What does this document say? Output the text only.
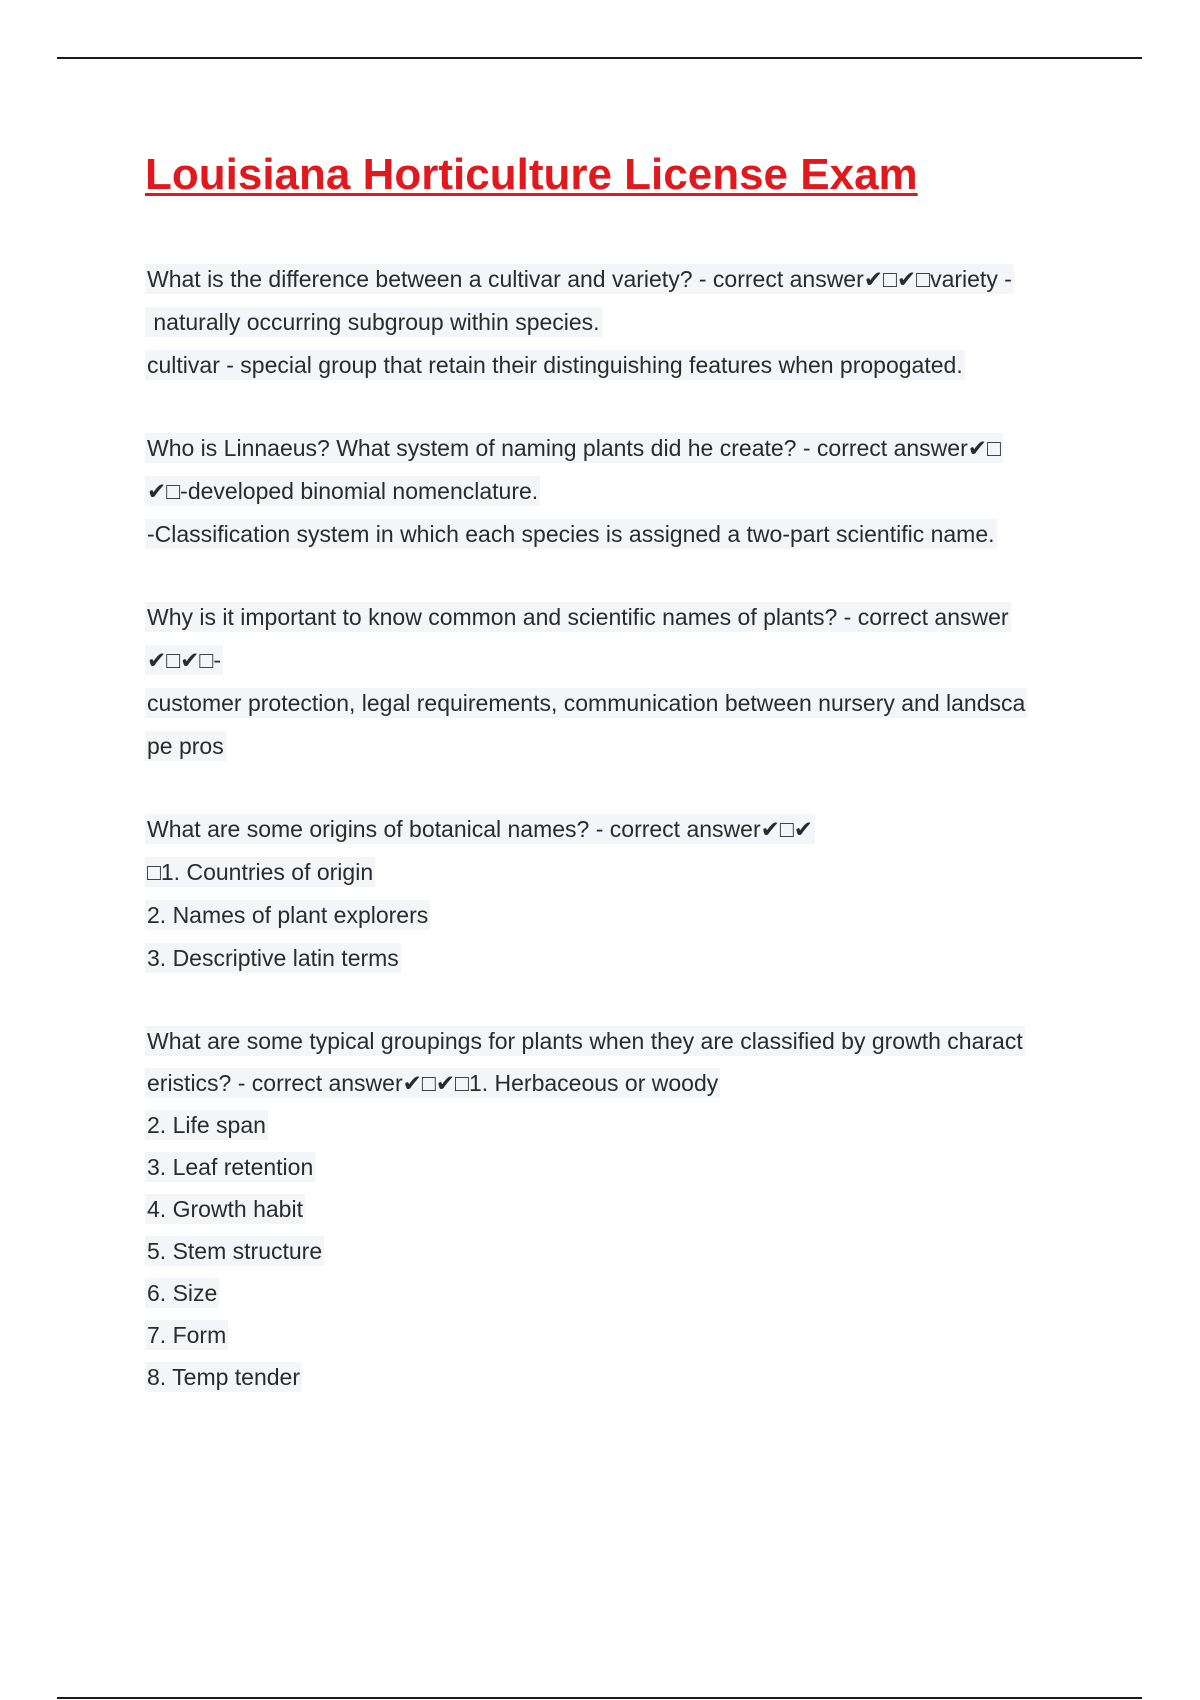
Louisiana Horticulture License Exam
What is the difference between a cultivar and variety? - correct answer✔□✔□variety -
naturally occurring subgroup within species.
cultivar - special group that retain their distinguishing features when propogated.
Who is Linnaeus? What system of naming plants did he create? - correct answer✔□
✔□-developed binomial nomenclature.
-Classification system in which each species is assigned a two-part scientific name.
Why is it important to know common and scientific names of plants? - correct answer
✔□✔□-
customer protection, legal requirements, communication between nursery and landsca
pe pros
What are some origins of botanical names? - correct answer✔□✔
□1. Countries of origin
2. Names of plant explorers
3. Descriptive latin terms
What are some typical groupings for plants when they are classified by growth charact
eristics? - correct answer✔□✔□1. Herbaceous or woody
2. Life span
3. Leaf retention
4. Growth habit
5. Stem structure
6. Size
7. Form
8. Temp tender
